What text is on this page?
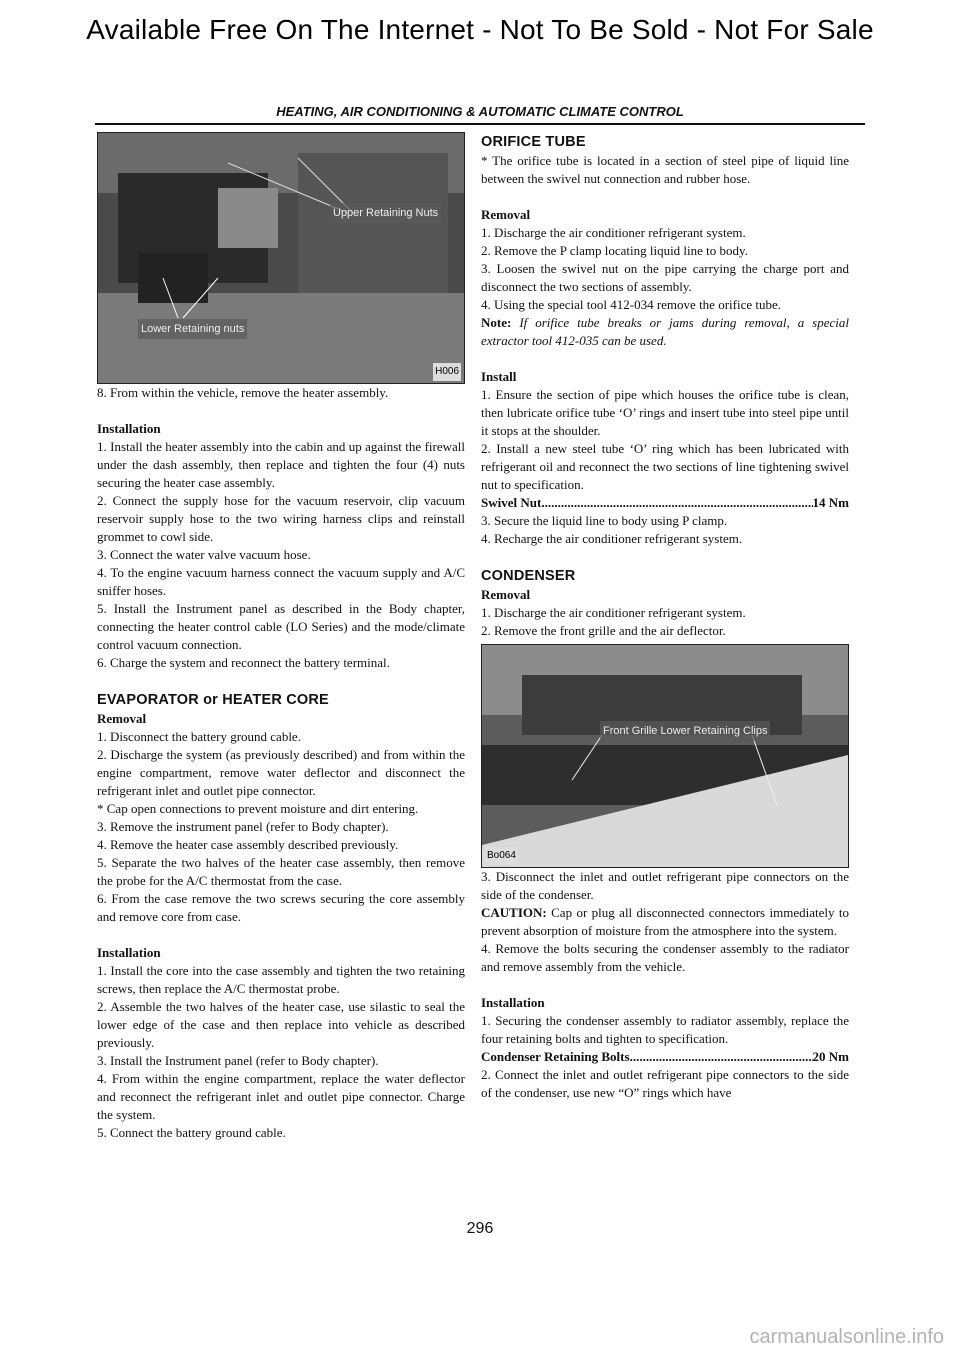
Available Free On The Internet - Not To Be Sold - Not For Sale
HEATING, AIR CONDITIONING & AUTOMATIC CLIMATE CONTROL
Upper Retaining Nuts
Lower Retaining nuts
H006

8. From within the vehicle, remove the heater assembly.

Installation

1. Install the heater assembly into the cabin and up against the firewall under the dash assembly, then replace and tighten the four (4) nuts securing the heater case assembly.

2. Connect the supply hose for the vacuum reservoir, clip vacuum reservoir supply hose to the two wiring harness clips and reinstall grommet to cowl side.

3. Connect the water valve vacuum hose.

4. To the engine vacuum harness connect the vacuum supply and A/C sniffer hoses.

5. Install the Instrument panel as described in the Body chapter, connecting the heater control cable (LO Series) and the mode/climate control vacuum connection.

6. Charge the system and reconnect the battery terminal.

EVAPORATOR or HEATER CORE

Removal

1. Disconnect the battery ground cable.

2. Discharge the system (as previously described) and from within the engine compartment, remove water deflector and disconnect the refrigerant inlet and outlet pipe connector.

* Cap open connections to prevent moisture and dirt entering.

3. Remove the instrument panel (refer to Body chapter).

4. Remove the heater case assembly described previously.

5. Separate the two halves of the heater case assembly, then remove the probe for the A/C thermostat from the case.

6. From the case remove the two screws securing the core assembly and remove core from case.

Installation

1. Install the core into the case assembly and tighten the two retaining screws, then replace the A/C thermostat probe.

2. Assemble the two halves of the heater case, use silastic to seal the lower edge of the case and then replace into vehicle as described previously.

3. Install the Instrument panel (refer to Body chapter).

4. From within the engine compartment, replace the water deflector and reconnect the refrigerant inlet and outlet pipe connector. Charge the system.

5. Connect the battery ground cable.

ORIFICE TUBE

* The orifice tube is located in a section of steel pipe of liquid line between the swivel nut connection and rubber hose.

Removal

1. Discharge the air conditioner refrigerant system.

2. Remove the P clamp locating liquid line to body.

3. Loosen the swivel nut on the pipe carrying the charge port and disconnect the two sections of assembly.

4. Using the special tool 412-034 remove the orifice tube.

Note: If orifice tube breaks or jams during removal, a special extractor tool 412-035 can be used.

Install

1. Ensure the section of pipe which houses the orifice tube is clean, then lubricate orifice tube ‘O’ rings and insert tube into steel pipe until it stops at the shoulder.

2. Install a new steel tube ‘O’ ring which has been lubricated with refrigerant oil and reconnect the two sections of line tightening swivel nut to specification.

Swivel Nut .....	14 Nm

3. Secure the liquid line to body using P clamp.

4. Recharge the air conditioner refrigerant system.

CONDENSER

Removal

1. Discharge the air conditioner refrigerant system.

2. Remove the front grille and the air deflector.

Front Grille Lower Retaining Clips
Bo064

3. Disconnect the inlet and outlet refrigerant pipe connectors on the side of the condenser.

CAUTION: Cap or plug all disconnected connectors immediately to prevent absorption of moisture from the atmosphere into the system.

4. Remove the bolts securing the condenser assembly to the radiator and remove assembly from the vehicle.

Installation

1. Securing the condenser assembly to radiator assembly, replace the four retaining bolts and tighten to specification.

Condenser Retaining Bolts .....	20 Nm

2. Connect the inlet and outlet refrigerant pipe connectors to the side of the condenser, use new “O” rings which have

296
carmanualsonline.info
